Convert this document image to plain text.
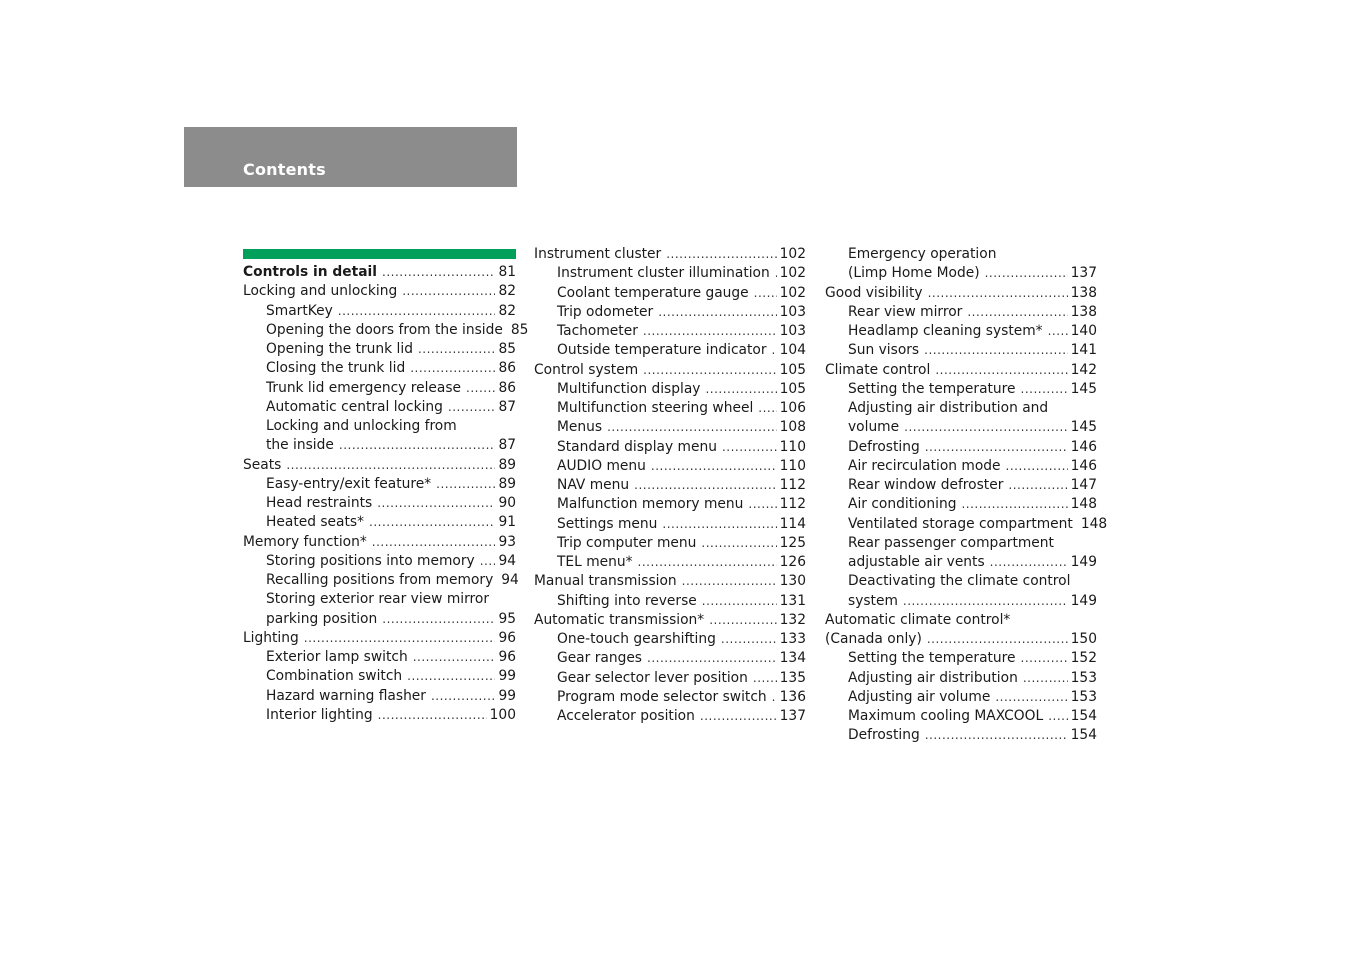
Contents
Controls in detail .....	81
Locking and unlocking .....	82
SmartKey .....	82
Opening the doors from the inside 85
Opening the trunk lid .....	85
Closing the trunk lid .....	86
Trunk lid emergency release .....	86
Automatic central locking .....	87
Locking and unlocking from
the inside .....	87
Seats .....	89
Easy-entry/exit feature* .....	89
Head restraints .....	90
Heated seats* .....	91
Memory function* .....	93
Storing positions into memory ..... 94
Recalling positions from memory 94
Storing exterior rear view mirror
parking position .....	95
Lighting .....	96
Exterior lamp switch .....	96
Combination switch .....	99
Hazard warning flasher .....	99
Interior lighting .....	100
Instrument cluster .....	102
Instrument cluster illumination ..... 102
Coolant temperature gauge ..... 102
Trip odometer .....	103
Tachometer .....	103
Outside temperature indicator ..... 104
Control system .....	105
Multifunction display .....	105
Multifunction steering wheel ..... 106
Menus .....	108
Standard display menu .....	110
AUDIO menu .....	110
NAV menu .....	112
Malfunction memory menu .....	112
Settings menu .....	114
Trip computer menu .....	125
TEL menu* .....	126
Manual transmission .....	130
Shifting into reverse .....	131
Automatic transmission* .....	132
One-touch gearshifting .....	133
Gear ranges .....	134
Gear selector lever position ..... 135
Program mode selector switch ..... 136
Accelerator position .....	137
Emergency operation
(Limp Home Mode) .....	137
Good visibility .....	138
Rear view mirror .....	138
Headlamp cleaning system* ..... 140
Sun visors .....	141
Climate control .....	142
Setting the temperature .....	145
Adjusting air distribution and
volume .....	145
Defrosting .....	146
Air recirculation mode .....	146
Rear window defroster .....	147
Air conditioning .....	148
Ventilated storage compartment 148
Rear passenger compartment
adjustable air vents .....	149
Deactivating the climate control
system .....	149
Automatic climate control*
(Canada only) .....	150
Setting the temperature .....	152
Adjusting air distribution .....	153
Adjusting air volume .....	153
Maximum cooling MAXCOOL ..... 154
Defrosting .....	154
